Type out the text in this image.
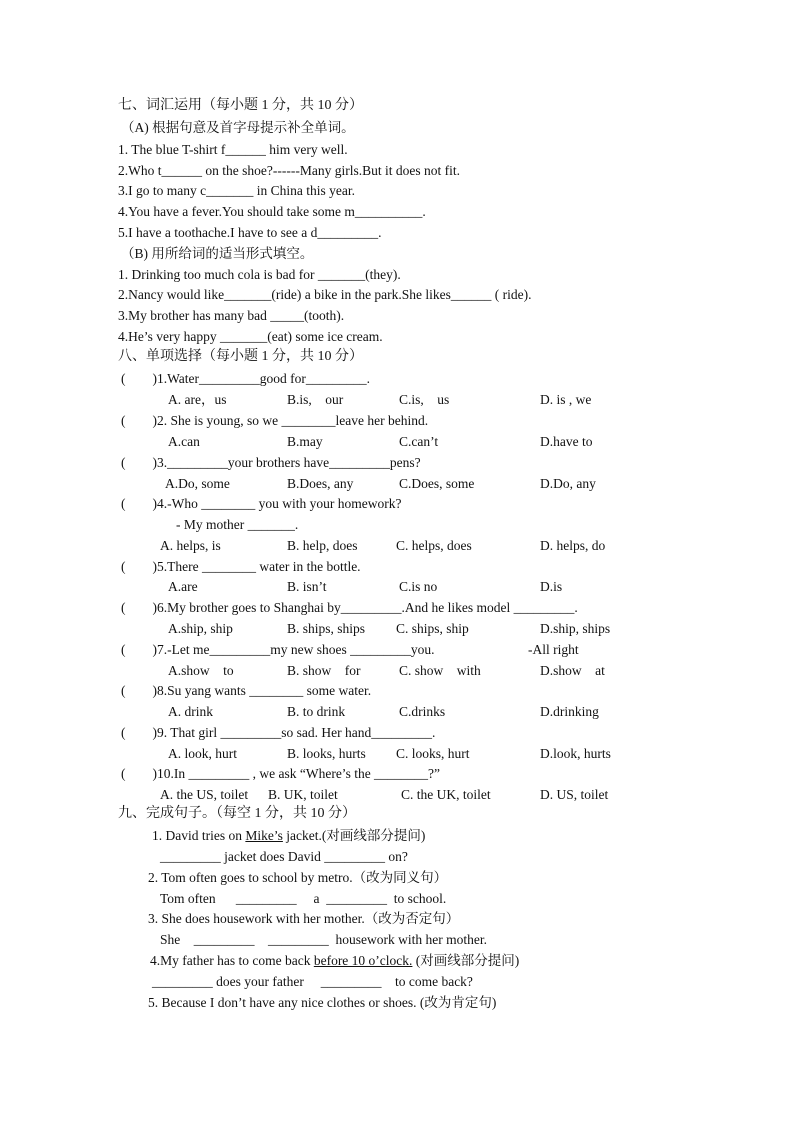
七、词汇运用（每小题 1 分，共 10 分）
（A) 根据句意及首字母提示补全单词。
1. The blue T-shirt f______ him very well.
2.Who t______ on the shoe?------Many girls.But it does not fit.
3.I go to many c_______ in China this year.
4.You have a fever.You should take some m__________.
5.I have a toothache.I have to see a d_________.
（B) 用所给词的适当形式填空。
1. Drinking too much cola is bad for _______(they).
2.Nancy would like_______(ride) a bike in the park.She likes______ ( ride).
3.My brother has many bad _____(tooth).
4.He’s very happy _______(eat) some ice cream.
八、单项选择（每小题 1 分，共 10 分）
(        )1.Water_________good for_________.
A. are，us	B.is,    our	C.is,    us	D. is , we
(        )2. She is young, so we ________leave her behind.
A.can	B.may	C.can’t	D.have to
(        )3._________your brothers have_________pens?
A.Do, some	B.Does, any	C.Does, some	D.Do, any
(        )4.-Who ________ you with your homework?
- My mother _______.
A. helps, is	B. help, does	C. helps, does	D. helps, do
(        )5.There ________ water in the bottle.
A.are	B. isn’t	C.is no	D.is
(        )6.My brother goes to Shanghai by_________.And he likes model _________.
A.ship, ship	B. ships, ships C. ships, ship	D.ship, ships
(        )7.-Let me_________my new shoes _________you.	-All right
A.show    to	B. show    for	C. show    with	D.show    at
(        )8.Su yang wants ________ some water.
A. drink	B. to drink	C.drinks	D.drinking
(        )9. That girl _________so sad. Her hand_________.
A. look, hurt	B. looks, hurts C. looks, hurt	D.look, hurts
(        )10.In _________ , we ask “Where’s the ________?”
A. the US, toilet B. UK, toilet	C. the UK, toilet	D. US, toilet
九、完成句子。（每空 1 分，共 10 分）
1. David tries on Mike’s jacket.(对画线部分提问)
_________ jacket does David _________ on?
2. Tom often goes to school by metro.（改为同义句）
Tom often      _________     a  _________  to school.
3. She does housework with her mother.（改为否定句）
She    _________    _________  housework with her mother.
4.My father has to come back before 10 o’clock. (对画线部分提问)
_________ does your father     _________    to come back?
5. Because I don’t have any nice clothes or shoes. (改为肯定句)
